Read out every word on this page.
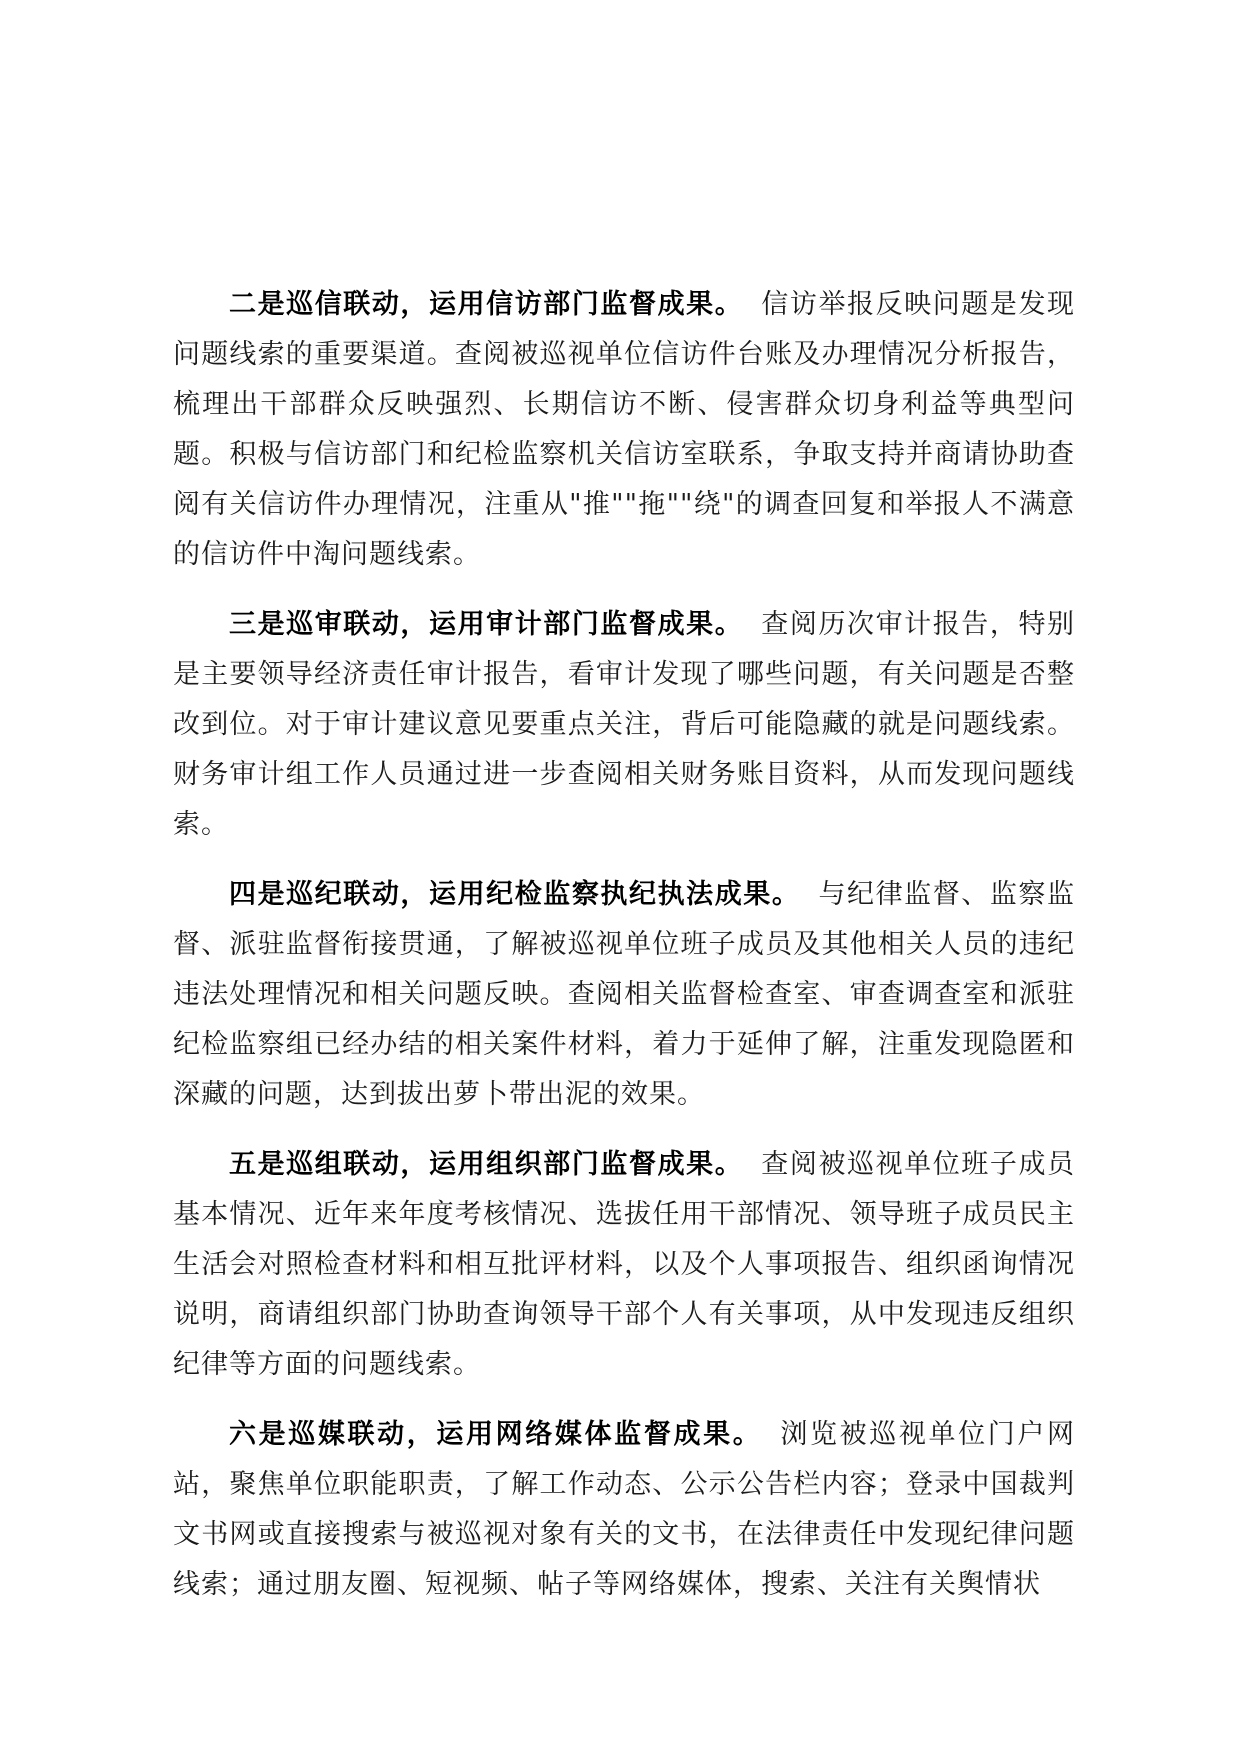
二是巡信联动，运用信访部门监督成果。 信访举报反映问题是发现问题线索的重要渠道。查阅被巡视单位信访件台账及办理情况分析报告，梳理出干部群众反映强烈、长期信访不断、侵害群众切身利益等典型问题。积极与信访部门和纪检监察机关信访室联系，争取支持并商请协助查阅有关信访件办理情况，注重从"推""拖""绕"的调查回复和举报人不满意的信访件中淘问题线索。

三是巡审联动，运用审计部门监督成果。 查阅历次审计报告，特别是主要领导经济责任审计报告，看审计发现了哪些问题，有关问题是否整改到位。对于审计建议意见要重点关注，背后可能隐藏的就是问题线索。财务审计组工作人员通过进一步查阅相关财务账目资料，从而发现问题线索。

四是巡纪联动，运用纪检监察执纪执法成果。 与纪律监督、监察监督、派驻监督衔接贯通，了解被巡视单位班子成员及其他相关人员的违纪违法处理情况和相关问题反映。查阅相关监督检查室、审查调查室和派驻纪检监察组已经办结的相关案件材料，着力于延伸了解，注重发现隐匿和深藏的问题，达到拔出萝卜带出泥的效果。

五是巡组联动，运用组织部门监督成果。 查阅被巡视单位班子成员基本情况、近年来年度考核情况、选拔任用干部情况、领导班子成员民主生活会对照检查材料和相互批评材料，以及个人事项报告、组织函询情况说明，商请组织部门协助查询领导干部个人有关事项，从中发现违反组织纪律等方面的问题线索。

六是巡媒联动，运用网络媒体监督成果。 浏览被巡视单位门户网站，聚焦单位职能职责，了解工作动态、公示公告栏内容；登录中国裁判文书网或直接搜索与被巡视对象有关的文书，在法律责任中发现纪律问题线索；通过朋友圈、短视频、帖子等网络媒体，搜索、关注有关舆情状
